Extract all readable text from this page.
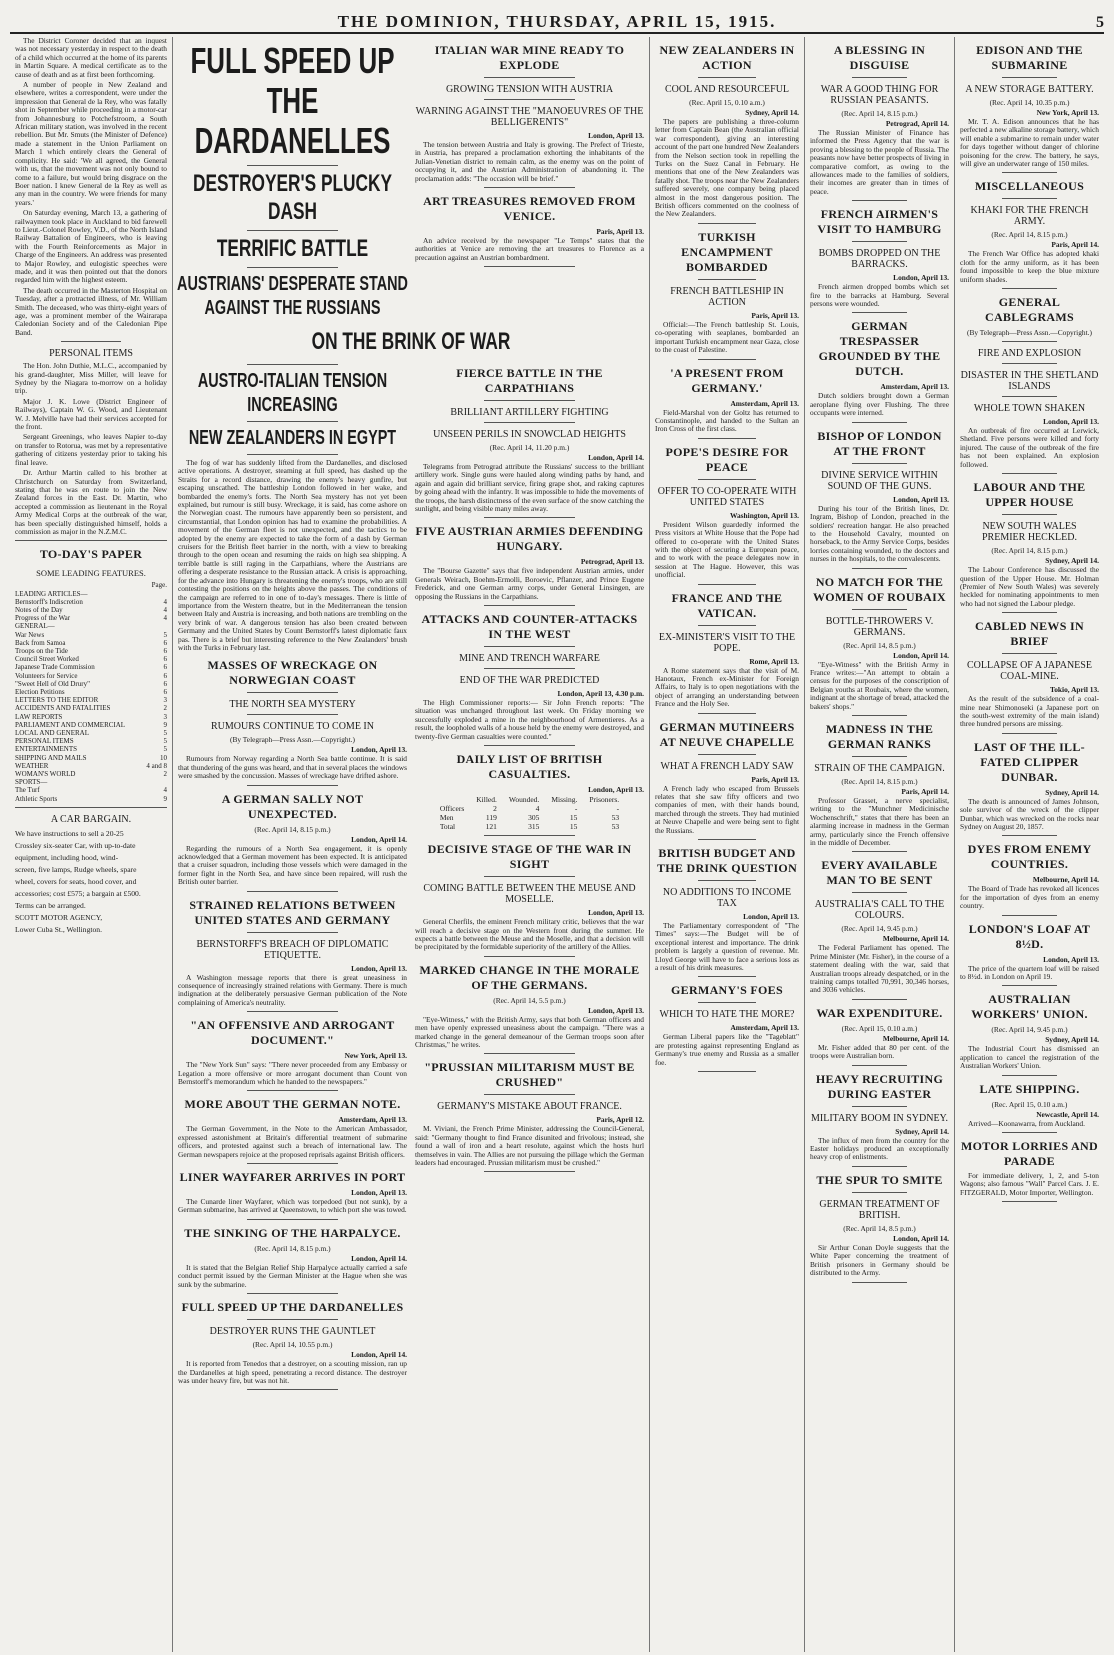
THE DOMINION, THURSDAY, APRIL 15, 1915.	5

The District Coroner decided that an inquest was not necessary yesterday in respect to the death of a child which occurred at the home of its parents in Martin Square. A medical certificate as to the cause of death and as at first been forthcoming.

A number of people in New Zealand and elsewhere, writes a correspondent, were under the impression that General de la Rey, who was fatally shot in September while proceeding in a motor-car from Johannesburg to Potchefstroom, a South African military station, was involved in the recent rebellion. But Mr. Smuts (the Minister of Defence) made a statement in the Union Parliament on March 1 which entirely clears the General of complicity. He said: 'We all agreed, the General with us, that the movement was not only bound to come to a failure, but would bring disgrace on the Boer nation. I knew General de la Rey as well as any man in the country. We were friends for many years.'

On Saturday evening, March 13, a gathering of railwaymen took place in Auckland to bid farewell to Lieut.-Colonel Rowley, V.D., of the North Island Railway Battalion of Engineers, who is leaving with the Fourth Reinforcements as Major in Charge of the Engineers. An address was presented to Major Rowley, and eulogistic speeches were made, and it was then pointed out that the donors regarded him with the highest esteem.

The death occurred in the Masterton Hospital on Tuesday, after a protracted illness, of Mr. William Smith. The deceased, who was thirty-eight years of age, was a prominent member of the Wairarapa Caledonian Society and of the Caledonian Pipe Band.

PERSONAL ITEMS

The Hon. John Duthie, M.L.C., accompanied by his grand-daughter, Miss Miller, will leave for Sydney by the Niagara to-morrow on a holiday trip.

Major J. K. Lowe (District Engineer of Railways), Captain W. G. Wood, and Lieutenant W. J. Melville have had their services accepted for the front.

Sergeant Greenings, who leaves Napier to-day on transfer to Rotorua, was met by a representative gathering of citizens yesterday prior to taking his final leave.

Dr. Arthur Martin called to his brother at Christchurch on Saturday from Switzerland, stating that he was en route to join the New Zealand forces in the East. Dr. Martin, who accepted a commission as lieutenant in the Royal Army Medical Corps at the outbreak of the war, has been specially distinguished himself, holds a commission as major in the N.Z.M.C.

TO-DAY'S PAPER
SOME LEADING FEATURES.
Page.
LEADING ARTICLES—
Bernstorff's Indiscretion	4
Notes of the Day	4
Progress of the War	4
GENERAL—
War News	5
Back from Samoa	6
Troops on the Tide	6
Council Street Worked	6
Japanese Trade Commission	6
Volunteers for Service	6
"Sweet Hell of Old Drury"	6
Election Petitions	6
LETTERS TO THE EDITOR	3
ACCIDENTS AND FATALITIES	2
LAW REPORTS	3
PARLIAMENT AND COMMERCIAL	9
LOCAL AND GENERAL	5
PERSONAL ITEMS	5
ENTERTAINMENTS	5
SHIPPING AND MAILS	10
WEATHER	4 and 8
WOMAN'S WORLD	2
SPORTS—
The Turf	4
Athletic Sports	9
A CAR BARGAIN.
We have instructions to sell a 20-25
Crossley six-seater Car, with up-to-date
equipment, including hood, wind-
screen, five lamps, Rudge wheels, spare
wheel, covers for seats, hood cover, and
accessories; cost £575; a bargain at £500.
Terms can be arranged.
SCOTT MOTOR AGENCY,
Lower Cuba St., Wellington.
FULL SPEED UP THE DARDANELLES
DESTROYER'S PLUCKY DASH
TERRIFIC BATTLE
AUSTRIANS' DESPERATE STAND AGAINST THE RUSSIANS
ITALIAN WAR MINE READY TO EXPLODE
GROWING TENSION WITH AUSTRIA
WARNING AGAINST THE "MANOEUVRES OF THE BELLIGERENTS"
London, April 13.

The tension between Austria and Italy is growing. The Prefect of Trieste, in Austria, has prepared a proclamation exhorting the inhabitants of the Julian-Venetian district to remain calm, as the enemy was on the point of occupying it, and the Austrian Administration of abandoning it. The proclamation adds: "The occasion will be brief."

ART TREASURES REMOVED FROM VENICE.
Paris, April 13.

An advice received by the newspaper "Le Temps" states that the authorities at Venice are removing the art treasures to Florence as a precaution against an Austrian bombardment.

ON THE BRINK OF WAR
AUSTRO-ITALIAN TENSION INCREASING
NEW ZEALANDERS IN EGYPT

The fog of war has suddenly lifted from the Dardanelles, and disclosed active operations. A destroyer, steaming at full speed, has dashed up the Straits for a record distance, drawing the enemy's heavy gunfire, but escaping unscathed. The battleship London followed in her wake, and bombarded the enemy's forts. The North Sea mystery has not yet been explained, but rumour is still busy. Wreckage, it is said, has come ashore on the Norwegian coast. The rumours have apparently been so persistent, and circumstantial, that London opinion has had to examine the probabilities. A movement of the German fleet is not unexpected, and the tactics to be adopted by the enemy are expected to take the form of a dash by German cruisers for the British fleet barrier in the north, with a view to breaking through to the open ocean and resuming the raids on high sea shipping. A terrible battle is still raging in the Carpathians, where the Austrians are offering a desperate resistance to the Russian attack. A crisis is approaching, for the advance into Hungary is threatening the enemy's troops, who are still contesting the positions on the heights above the passes. The conditions of the campaign are referred to in one of to-day's messages. There is little of importance from the Western theatre, but in the Mediterranean the tension between Italy and Austria is increasing, and both nations are trembling on the very brink of war. A dangerous tension has also been created between Germany and the United States by Count Bernstorff's latest diplomatic faux pas. There is a brief but interesting reference to the New Zealanders' brush with the Turks in February last.

MASSES OF WRECKAGE ON NORWEGIAN COAST
THE NORTH SEA MYSTERY
RUMOURS CONTINUE TO COME IN
(By Telegraph—Press Assn.—Copyright.)
London, April 13.

Rumours from Norway regarding a North Sea battle continue. It is said that thundering of the guns was heard, and that in several places the windows were smashed by the concussion. Masses of wreckage have drifted ashore.

A GERMAN SALLY NOT UNEXPECTED.
(Rec. April 14, 8.15 p.m.)
London, April 14.

Regarding the rumours of a North Sea engagement, it is openly acknowledged that a German movement has been expected. It is anticipated that a cruiser squadron, including those vessels which were damaged in the former fight in the North Sea, and have since been repaired, will rush the British outer barrier.

STRAINED RELATIONS BETWEEN UNITED STATES AND GERMANY
BERNSTORFF'S BREACH OF DIPLOMATIC ETIQUETTE.
London, April 13.

A Washington message reports that there is great uneasiness in consequence of increasingly strained relations with Germany. There is much indignation at the deliberately persuasive German publication of the Note complaining of America's neutrality.

"AN OFFENSIVE AND ARROGANT DOCUMENT."
New York, April 13.

The "New York Sun" says: "There never proceeded from any Embassy or Legation a more offensive or more arrogant document than Count von Bernstorff's memorandum which he handed to the newspapers."

MORE ABOUT THE GERMAN NOTE.
Amsterdam, April 13.

The German Government, in the Note to the American Ambassador, expressed astonishment at Britain's differential treatment of submarine officers, and protested against such a breach of international law. The German newspapers rejoice at the proposed reprisals against British officers.

LINER WAYFARER ARRIVES IN PORT
London, April 13.

The Cunarde liner Wayfarer, which was torpedoed (but not sunk), by a German submarine, has arrived at Queenstown, to which port she was towed.

THE SINKING OF THE HARPALYCE.
(Rec. April 14, 8.15 p.m.)
London, April 14.

It is stated that the Belgian Relief Ship Harpalyce actually carried a safe conduct permit issued by the German Minister at the Hague when she was sunk by the submarine.

FULL SPEED UP THE DARDANELLES
DESTROYER RUNS THE GAUNTLET
(Rec. April 14, 10.55 p.m.)
London, April 14.

It is reported from Tenedos that a destroyer, on a scouting mission, ran up the Dardanelles at high speed, penetrating a record distance. The destroyer was under heavy fire, but was not hit.

FIERCE BATTLE IN THE CARPATHIANS
BRILLIANT ARTILLERY FIGHTING
UNSEEN PERILS IN SNOWCLAD HEIGHTS
(Rec. April 14, 11.20 p.m.)
London, April 14.

Telegrams from Petrograd attribute the Russians' success to the brilliant artillery work. Single guns were hauled along winding paths by hand, and again and again did brilliant service, firing grape shot, and raking captures by going ahead with the infantry. It was impossible to hide the movements of the troops, the harsh distinctness of the even surface of the snow catching the sunlight, and being visible many miles away.

FIVE AUSTRIAN ARMIES DEFENDING HUNGARY.
Petrograd, April 13.

The "Bourse Gazette" says that five independent Austrian armies, under Generals Weirach, Boehm-Ermolli, Boroevic, Pflanzer, and Prince Eugene Frederick, and one German army corps, under General Linsingen, are opposing the Russians in the Carpathians.

ATTACKS AND COUNTER-ATTACKS IN THE WEST
MINE AND TRENCH WARFARE
END OF THE WAR PREDICTED
London, April 13, 4.30 p.m.

The High Commissioner reports:— Sir John French reports: "The situation was unchanged throughout last week. On Friday morning we successfully exploded a mine in the neighbourhood of Armentieres. As a result, the loopholed walls of a house held by the enemy were destroyed, and twenty-five German casualties were counted."

DAILY LIST OF BRITISH CASUALTIES.
London, April 13.
	Killed.	Wounded.	Missing.	Prisoners.
Officers	2	4	-	-
Men	119	305	15	53
Total	121	315	15	53
DECISIVE STAGE OF THE WAR IN SIGHT
COMING BATTLE BETWEEN THE MEUSE AND MOSELLE.
London, April 13.

General Cherfils, the eminent French military critic, believes that the war will reach a decisive stage on the Western front during the summer. He expects a battle between the Meuse and the Moselle, and that a decision will be precipitated by the formidable superiority of the artillery of the Allies.

MARKED CHANGE IN THE MORALE OF THE GERMANS.
(Rec. April 14, 5.5 p.m.)
London, April 13.

"Eye-Witness," with the British Army, says that both German officers and men have openly expressed uneasiness about the campaign. "There was a marked change in the general demeanour of the German troops soon after Christmas," he writes.

"PRUSSIAN MILITARISM MUST BE CRUSHED"
GERMANY'S MISTAKE ABOUT FRANCE.
Paris, April 12.

M. Viviani, the French Prime Minister, addressing the Council-General, said: "Germany thought to find France disunited and frivolous; instead, she found a wall of iron and a heart resolute, against which the hosts hurl themselves in vain. The Allies are not pursuing the pillage which the German leaders had encouraged. Prussian militarism must be crushed."

NEW ZEALANDERS IN ACTION
COOL AND RESOURCEFUL
(Rec. April 15, 0.10 a.m.)
Sydney, April 14.

The papers are publishing a three-column letter from Captain Bean (the Australian official war correspondent), giving an interesting account of the part one hundred New Zealanders from the Nelson section took in repelling the Turks on the Suez Canal in February. He mentions that one of the New Zealanders was fatally shot. The troops near the New Zealanders suffered severely, one company being placed almost in the most dangerous position. The British officers commented on the coolness of the New Zealanders.

TURKISH ENCAMPMENT BOMBARDED
FRENCH BATTLESHIP IN ACTION
Paris, April 13.

Official:—The French battleship St. Louis, co-operating with seaplanes, bombarded an important Turkish encampment near Gaza, close to the coast of Palestine.

'A PRESENT FROM GERMANY.'
Amsterdam, April 13.

Field-Marshal von der Goltz has returned to Constantinople, and handed to the Sultan an Iron Cross of the first class.

POPE'S DESIRE FOR PEACE
OFFER TO CO-OPERATE WITH UNITED STATES
Washington, April 13.

President Wilson guardedly informed the Press visitors at White House that the Pope had offered to co-operate with the United States with the object of securing a European peace, and to work with the peace delegates now in session at The Hague. However, this was unofficial.

FRANCE AND THE VATICAN.
EX-MINISTER'S VISIT TO THE POPE.
Rome, April 13.

A Rome statement says that the visit of M. Hanotaux, French ex-Minister for Foreign Affairs, to Italy is to open negotiations with the object of arranging an understanding between France and the Holy See.

GERMAN MUTINEERS AT NEUVE CHAPELLE
WHAT A FRENCH LADY SAW
Paris, April 13.

A French lady who escaped from Brussels relates that she saw fifty officers and two companies of men, with their hands bound, marched through the streets. They had mutinied at Neuve Chapelle and were being sent to fight the Russians.

BRITISH BUDGET AND THE DRINK QUESTION
NO ADDITIONS TO INCOME TAX
London, April 13.

The Parliamentary correspondent of "The Times" says:—The Budget will be of exceptional interest and importance. The drink problem is largely a question of revenue. Mr. Lloyd George will have to face a serious loss as a result of his drink measures.

GERMANY'S FOES
WHICH TO HATE THE MORE?
Amsterdam, April 13.

German Liberal papers like the "Tageblatt" are protesting against representing England as Germany's true enemy and Russia as a smaller foe.

A BLESSING IN DISGUISE
WAR A GOOD THING FOR RUSSIAN PEASANTS.
(Rec. April 14, 8.15 p.m.)
Petrograd, April 14.

The Russian Minister of Finance has informed the Press Agency that the war is proving a blessing to the people of Russia. The peasants now have better prospects of living in comparative comfort, as owing to the allowances made to the families of soldiers, their incomes are greater than in times of peace.

FRENCH AIRMEN'S VISIT TO HAMBURG
BOMBS DROPPED ON THE BARRACKS.
London, April 13.

French airmen dropped bombs which set fire to the barracks at Hamburg. Several persons were wounded.

GERMAN TRESPASSER GROUNDED BY THE DUTCH.
Amsterdam, April 13.

Dutch soldiers brought down a German aeroplane flying over Flushing. The three occupants were interned.

BISHOP OF LONDON AT THE FRONT
DIVINE SERVICE WITHIN SOUND OF THE GUNS.
London, April 13.

During his tour of the British lines, Dr. Ingram, Bishop of London, preached in the soldiers' recreation hangar. He also preached to the Household Cavalry, mounted on horseback, to the Army Service Corps, besides lorries containing wounded, to the doctors and nurses in the hospitals, to the convalescents.

NO MATCH FOR THE WOMEN OF ROUBAIX
BOTTLE-THROWERS V. GERMANS.
(Rec. April 14, 8.5 p.m.)
London, April 14.

"Eye-Witness" with the British Army in France writes:—"An attempt to obtain a census for the purposes of the conscription of Belgian youths at Roubaix, where the women, indignant at the shortage of bread, attacked the bakers' shops."

MADNESS IN THE GERMAN RANKS
STRAIN OF THE CAMPAIGN.
(Rec. April 14, 8.15 p.m.)
Paris, April 14.

Professor Grasset, a nerve specialist, writing to the "Munchner Medicinische Wochenschrift," states that there has been an alarming increase in madness in the German army, particularly since the French offensive in the middle of December.

EVERY AVAILABLE MAN TO BE SENT
AUSTRALIA'S CALL TO THE COLOURS.
(Rec. April 14, 9.45 p.m.)
Melbourne, April 14.

The Federal Parliament has opened. The Prime Minister (Mr. Fisher), in the course of a statement dealing with the war, said that Australian troops already despatched, or in the training camps totalled 70,991, 30,346 horses, and 3036 vehicles.

WAR EXPENDITURE.
(Rec. April 15, 0.10 a.m.)
Melbourne, April 14.

Mr. Fisher added that 80 per cent. of the troops were Australian born.

HEAVY RECRUITING DURING EASTER
MILITARY BOOM IN SYDNEY.
Sydney, April 14.

The influx of men from the country for the Easter holidays produced an exceptionally heavy crop of enlistments.

THE SPUR TO SMITE
GERMAN TREATMENT OF BRITISH.
(Rec. April 14, 8.5 p.m.)
London, April 14.

Sir Arthur Conan Doyle suggests that the White Paper concerning the treatment of British prisoners in Germany should be distributed to the Army.

EDISON AND THE SUBMARINE
A NEW STORAGE BATTERY.
(Rec. April 14, 10.35 p.m.)
New York, April 13.

Mr. T. A. Edison announces that he has perfected a new alkaline storage battery, which will enable a submarine to remain under water for days together without danger of chlorine poisoning for the crew. The battery, he says, will give an underwater range of 150 miles.

MISCELLANEOUS
KHAKI FOR THE FRENCH ARMY.
(Rec. April 14, 8.15 p.m.)
Paris, April 14.

The French War Office has adopted khaki cloth for the army uniform, as it has been found impossible to keep the blue mixture uniform shades.

GENERAL CABLEGRAMS
(By Telegraph—Press Assn.—Copyright.)
FIRE AND EXPLOSION
DISASTER IN THE SHETLAND ISLANDS
WHOLE TOWN SHAKEN
London, April 13.

An outbreak of fire occurred at Lerwick, Shetland. Five persons were killed and forty injured. The cause of the outbreak of the fire has not been explained. An explosion followed.

LABOUR AND THE UPPER HOUSE
NEW SOUTH WALES PREMIER HECKLED.
(Rec. April 14, 8.15 p.m.)
Sydney, April 14.

The Labour Conference has discussed the question of the Upper House. Mr. Holman (Premier of New South Wales) was severely heckled for nominating appointments to men who had not signed the Labour pledge.

CABLED NEWS IN BRIEF
COLLAPSE OF A JAPANESE COAL-MINE.
Tokio, April 13.

As the result of the subsidence of a coal-mine near Shimonoseki (a Japanese port on the south-west extremity of the main island) three hundred persons are missing.

LAST OF THE ILL-FATED CLIPPER DUNBAR.
Sydney, April 14.

The death is announced of James Johnson, sole survivor of the wreck of the clipper Dunbar, which was wrecked on the rocks near Sydney on August 20, 1857.

DYES FROM ENEMY COUNTRIES.
Melbourne, April 14.

The Board of Trade has revoked all licences for the importation of dyes from an enemy country.

LONDON'S LOAF AT 8½D.
London, April 13.

The price of the quartern loaf will be raised to 8½d. in London on April 19.

AUSTRALIAN WORKERS' UNION.
(Rec. April 14, 9.45 p.m.)
Sydney, April 14.

The Industrial Court has dismissed an application to cancel the registration of the Australian Workers' Union.

LATE SHIPPING.
(Rec. April 15, 0.10 a.m.)
Newcastle, April 14.

Arrived—Koonawarra, from Auckland.

MOTOR LORRIES AND PARADE

For immediate delivery, 1, 2, and 5-ton Wagons; also famous "Wall" Parcel Cars. J. E. FITZGERALD, Motor Importer, Wellington.
